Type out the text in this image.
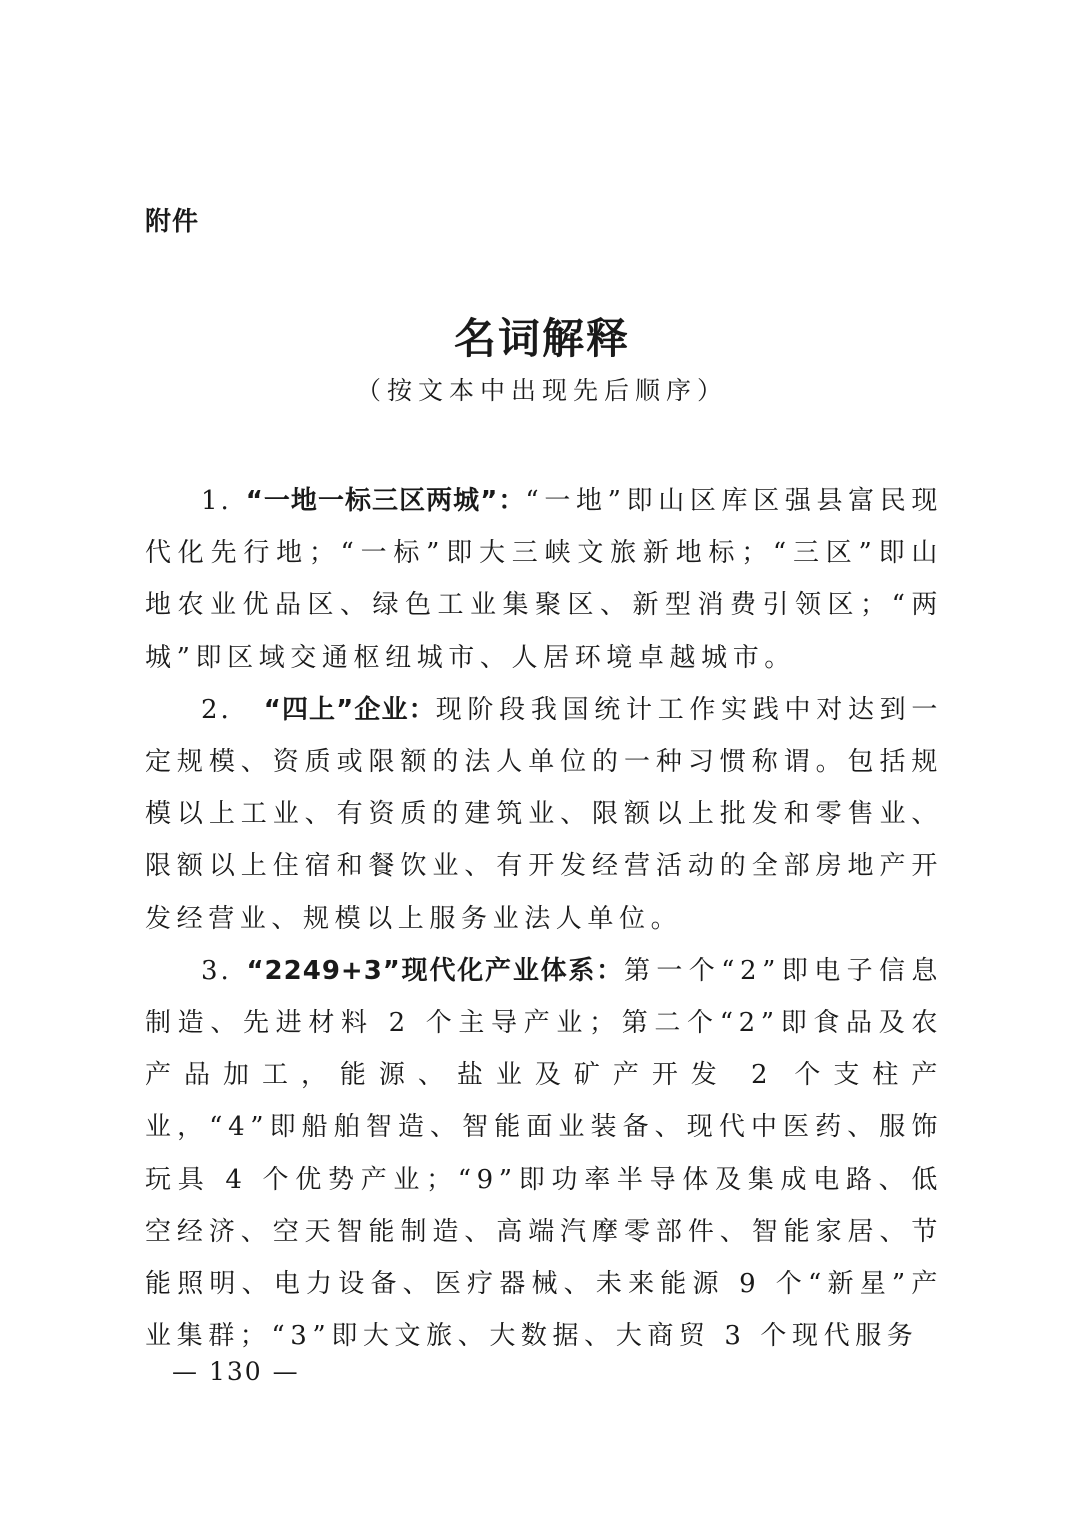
附件
名词解释
（按文本中出现先后顺序）

1. “一地一标三区两城”：“一地”即山区库区强县富民现代化先行地；“一标”即大三峡文旅新地标；“三区”即山地农业优品区、绿色工业集聚区、新型消费引领区；“两城”即区域交通枢纽城市、人居环境卓越城市。

2． “四上”企业：现阶段我国统计工作实践中对达到一定规模、资质或限额的法人单位的一种习惯称谓。包括规模以上工业、有资质的建筑业、限额以上批发和零售业、限额以上住宿和餐饮业、有开发经营活动的全部房地产开发经营业、规模以上服务业法人单位。

3. “2249+3”现代化产业体系：第一个“2”即电子信息制造、先进材料 2 个主导产业；第二个“2”即食品及农产品加工，能源、盐业及矿产开发 2 个支柱产业，“4”即船舶智造、智能面业装备、现代中医药、服饰玩具 4 个优势产业；“9”即功率半导体及集成电路、低空经济、空天智能制造、高端汽摩零部件、智能家居、节能照明、电力设备、医疗器械、未来能源 9 个“新星”产业集群；“3”即大文旅、大数据、大商贸 3 个现代服务

— 130 —
